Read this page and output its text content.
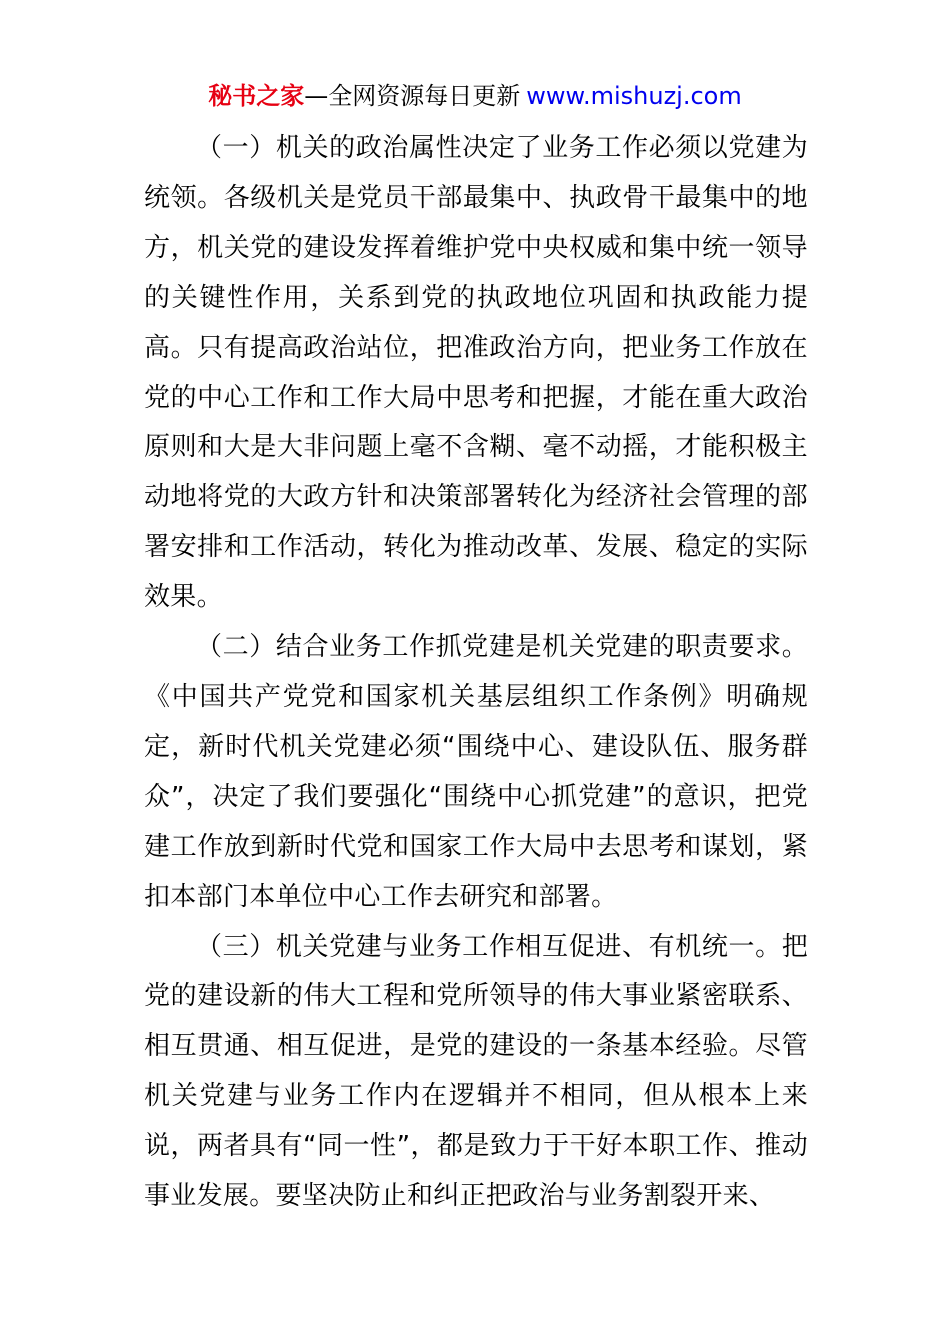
秘书之家—全网资源每日更新 www.mishuzj.com

（一）机关的政治属性决定了业务工作必须以党建为统领。各级机关是党员干部最集中、执政骨干最集中的地方，机关党的建设发挥着维护党中央权威和集中统一领导的关键性作用，关系到党的执政地位巩固和执政能力提高。只有提高政治站位，把准政治方向，把业务工作放在党的中心工作和工作大局中思考和把握，才能在重大政治原则和大是大非问题上毫不含糊、毫不动摇，才能积极主动地将党的大政方针和决策部署转化为经济社会管理的部署安排和工作活动，转化为推动改革、发展、稳定的实际效果。

（二）结合业务工作抓党建是机关党建的职责要求。《中国共产党党和国家机关基层组织工作条例》明确规定，新时代机关党建必须“围绕中心、建设队伍、服务群众”，决定了我们要强化“围绕中心抓党建”的意识，把党建工作放到新时代党和国家工作大局中去思考和谋划，紧扣本部门本单位中心工作去研究和部署。

（三）机关党建与业务工作相互促进、有机统一。把党的建设新的伟大工程和党所领导的伟大事业紧密联系、相互贯通、相互促进，是党的建设的一条基本经验。尽管机关党建与业务工作内在逻辑并不相同，但从根本上来说，两者具有“同一性”，都是致力于干好本职工作、推动事业发展。要坚决防止和纠正把政治与业务割裂开来、
